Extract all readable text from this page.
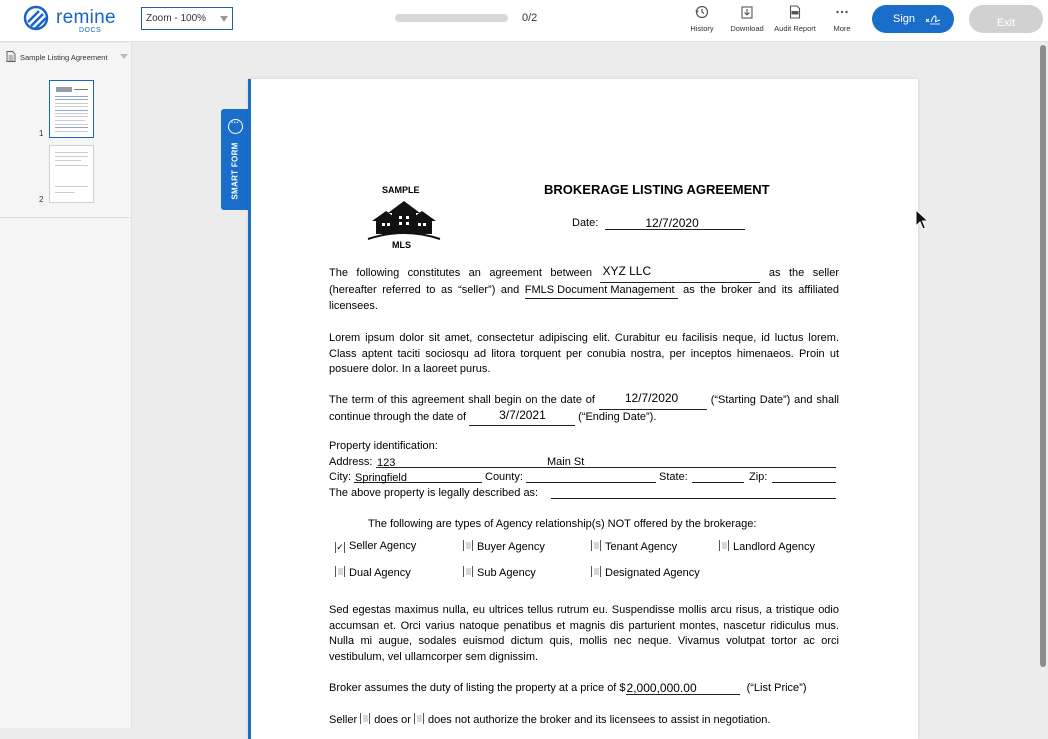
remine
DOCS
Zoom - 100%	0/2
History	Download	Audit Report	More
Sign	Exit
Sample Listing Agreement
1
2
···
SMART FORM	SAMPLE
MLS
BROKERAGE LISTING AGREEMENT
Date:	12/7/2020

The following constitutes an agreement between XYZ LLC	as the seller (hereafter referred to as “seller”) and FMLS Document Management as the broker and its affiliated licensees.
Lorem ipsum dolor sit amet, consectetur adipiscing elit. Curabitur eu facilisis neque, id luctus lorem. Class aptent taciti sociosqu ad litora torquent per conubia nostra, per inceptos himenaeos. Proin ut posuere dolor. In a laoreet purus.
The term of this agreement shall begin on the date of 12/7/2020	(“Starting Date”) and shall continue through the date of	3/7/2021	(“Ending Date”).
Property identification:
Address: 123	Main St
City: Springfield	County:	State:	Zip:
The above property is legally described as:
The following are types of Agency relationship(s) NOT offered by the brokerage:
✓ Seller Agency	Buyer Agency	Tenant Agency	Landlord Agency
Dual Agency	Sub Agency	Designated Agency
Sed egestas maximus nulla, eu ultrices tellus rutrum eu. Suspendisse mollis arcu risus, a tristique odio accumsan et. Orci varius natoque penatibus et magnis dis parturient montes, nascetur ridiculus mus. Nulla mi augue, sodales euismod dictum quis, mollis nec neque. Vivamus volutpat tortor ac orci vestibulum, vel ullamcorper sem dignissim.
Broker assumes the duty of listing the property at a price of $ 2,000,000.00	(“List Price”)
Seller does or does not authorize the broker and its licensees to assist in negotiation.
